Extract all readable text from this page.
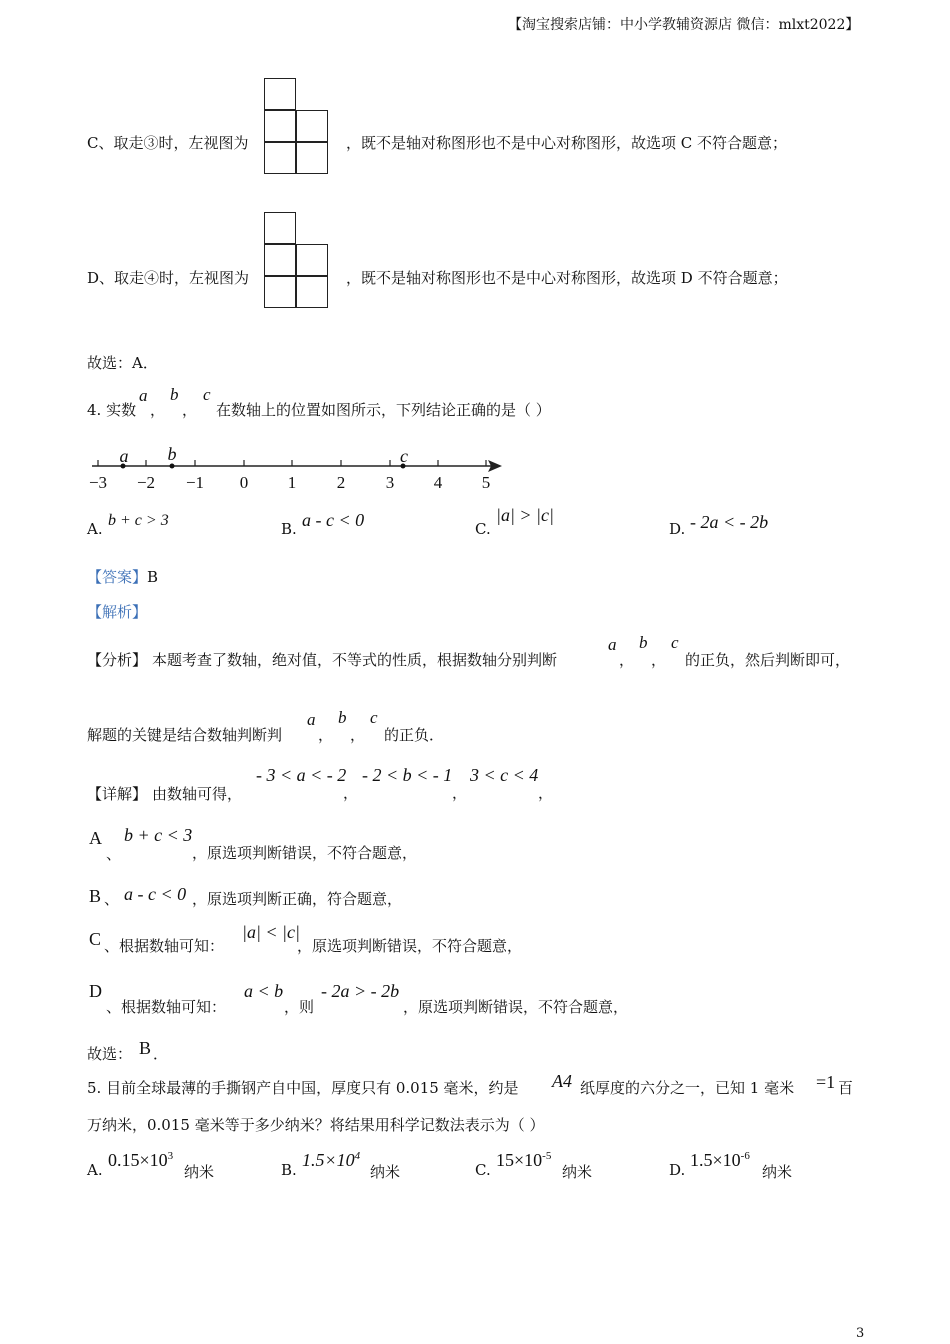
【淘宝搜索店铺：中小学教辅资源店 微信：mlxt2022】
C、取走③时，左视图为	，既不是轴对称图形也不是中心对称图形，故选项 C 不符合题意；
D、取走④时，左视图为	，既不是轴对称图形也不是中心对称图形，故选项 D 不符合题意；
故选：A．
4. 实数
a
，
b
，
c
在数轴上的位置如图所示，下列结论正确的是（ ）
−3 −2 −1 0 1 2 3 4 5
a b	c
A. b + c > 3	B. a - c < 0	C.
|a| > |c|
D. - 2a < - 2b
【答案】B
【解析】
【分析】 本题考查了数轴，绝对值，不等式的性质，根据数轴分别判断
a
，
b
，
c
的正负，然后判断即可，
解题的关键是结合数轴判断判
a
，
b
，
c
的正负．
【详解】 由数轴可得，
- 3 < a < - 2
，
- 2 < b < - 1
，
3 < c < 4
，
A
、
b + c < 3
，原选项判断错误，不符合题意，
B 、 a - c < 0 ，原选项判断正确，符合题意，
C 、根据数轴可知：
|a| < |c|
，原选项判断错误，不符合题意，
D
、根据数轴可知：
a < b
，则
- 2a > - 2b
，原选项判断错误，不符合题意，
故选： B ．
5. 目前全球最薄的手撕钢产自中国，厚度只有 0.015 毫米，约是 A4 纸厚度的六分之一，已知 1 毫米 =1 百
万纳米，0.015 毫米等于多少纳米？将结果用科学记数法表示为（ ）
A. $0.15\times 10^3$
纳米	B. $1.5\times 10^4$
纳米	C. $15\times 10^{-5}$
纳米	D. $1.5\times 10^{-6}$
纳米
3
